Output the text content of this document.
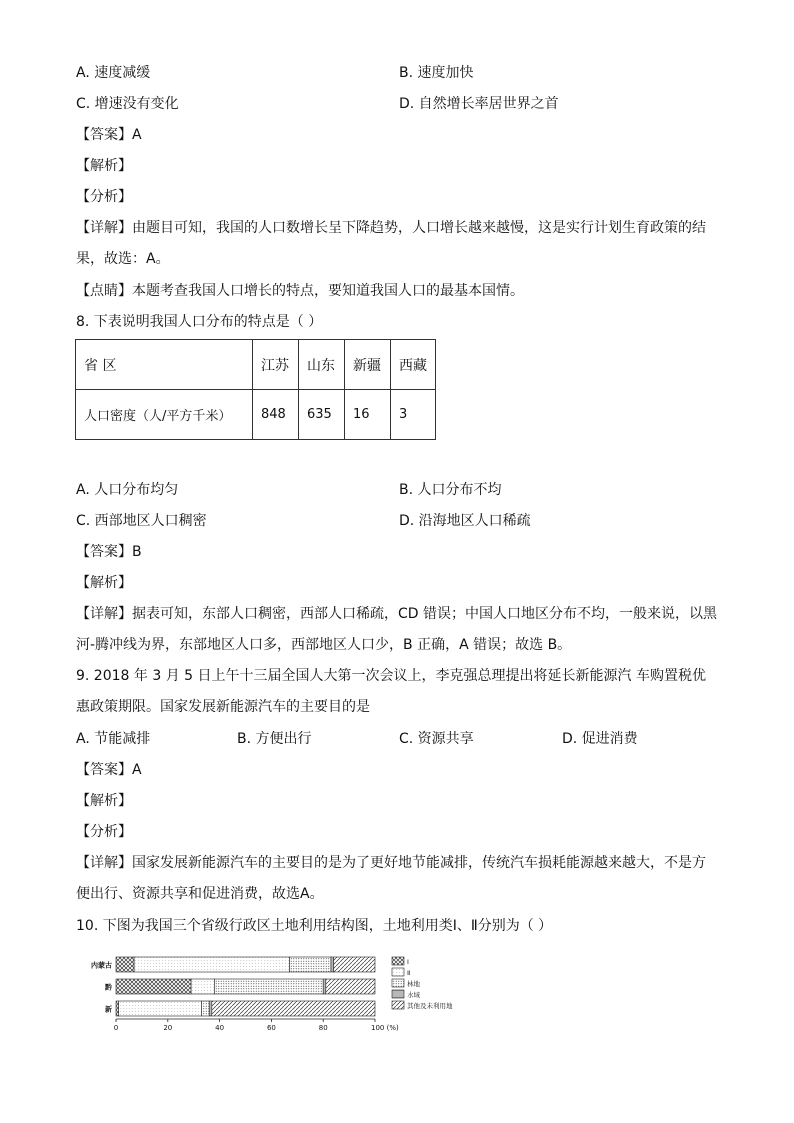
A. 速度减缓	B. 速度加快
C. 增速没有变化	D. 自然增长率居世界之首
【答案】A
【解析】
【分析】
【详解】由题目可知，我国的人口数增长呈下降趋势，人口增长越来越慢，这是实行计划生育政策的结
果，故选：A。
【点睛】本题考查我国人口增长的特点，要知道我国人口的最基本国情。
8. 下表说明我国人口分布的特点是（ ）
省 区	江苏	山东	新疆	西藏
人口密度（人/平方千米）	848	635	16	3
A. 人口分布均匀	B. 人口分布不均
C. 西部地区人口稠密	D. 沿海地区人口稀疏
【答案】B
【解析】
【详解】据表可知，东部人口稠密，西部人口稀疏，CD 错误；中国人口地区分布不均，一般来说，以黑
河-腾冲线为界，东部地区人口多，西部地区人口少，B 正确，A 错误；故选 B。
9. 2018 年 3 月 5 日上午十三届全国人大第一次会议上，李克强总理提出将延长新能源汽 车购置税优
惠政策期限。国家发展新能源汽车的主要目的是
A. 节能减排	B. 方便出行	C. 资源共享	D. 促进消费
【答案】A
【解析】
【分析】
【详解】国家发展新能源汽车的主要目的是为了更好地节能减排，传统汽车损耗能源越来越大，不是方
便出行、资源共享和促进消费，故选A。
10. 下图为我国三个省级行政区土地利用结构图，土地利用类Ⅰ、Ⅱ分别为（ ）
内蒙古
黔
新
0	20	40	60	80	100 (%)
Ⅰ
Ⅱ
林地
水域
其他及未利用地
